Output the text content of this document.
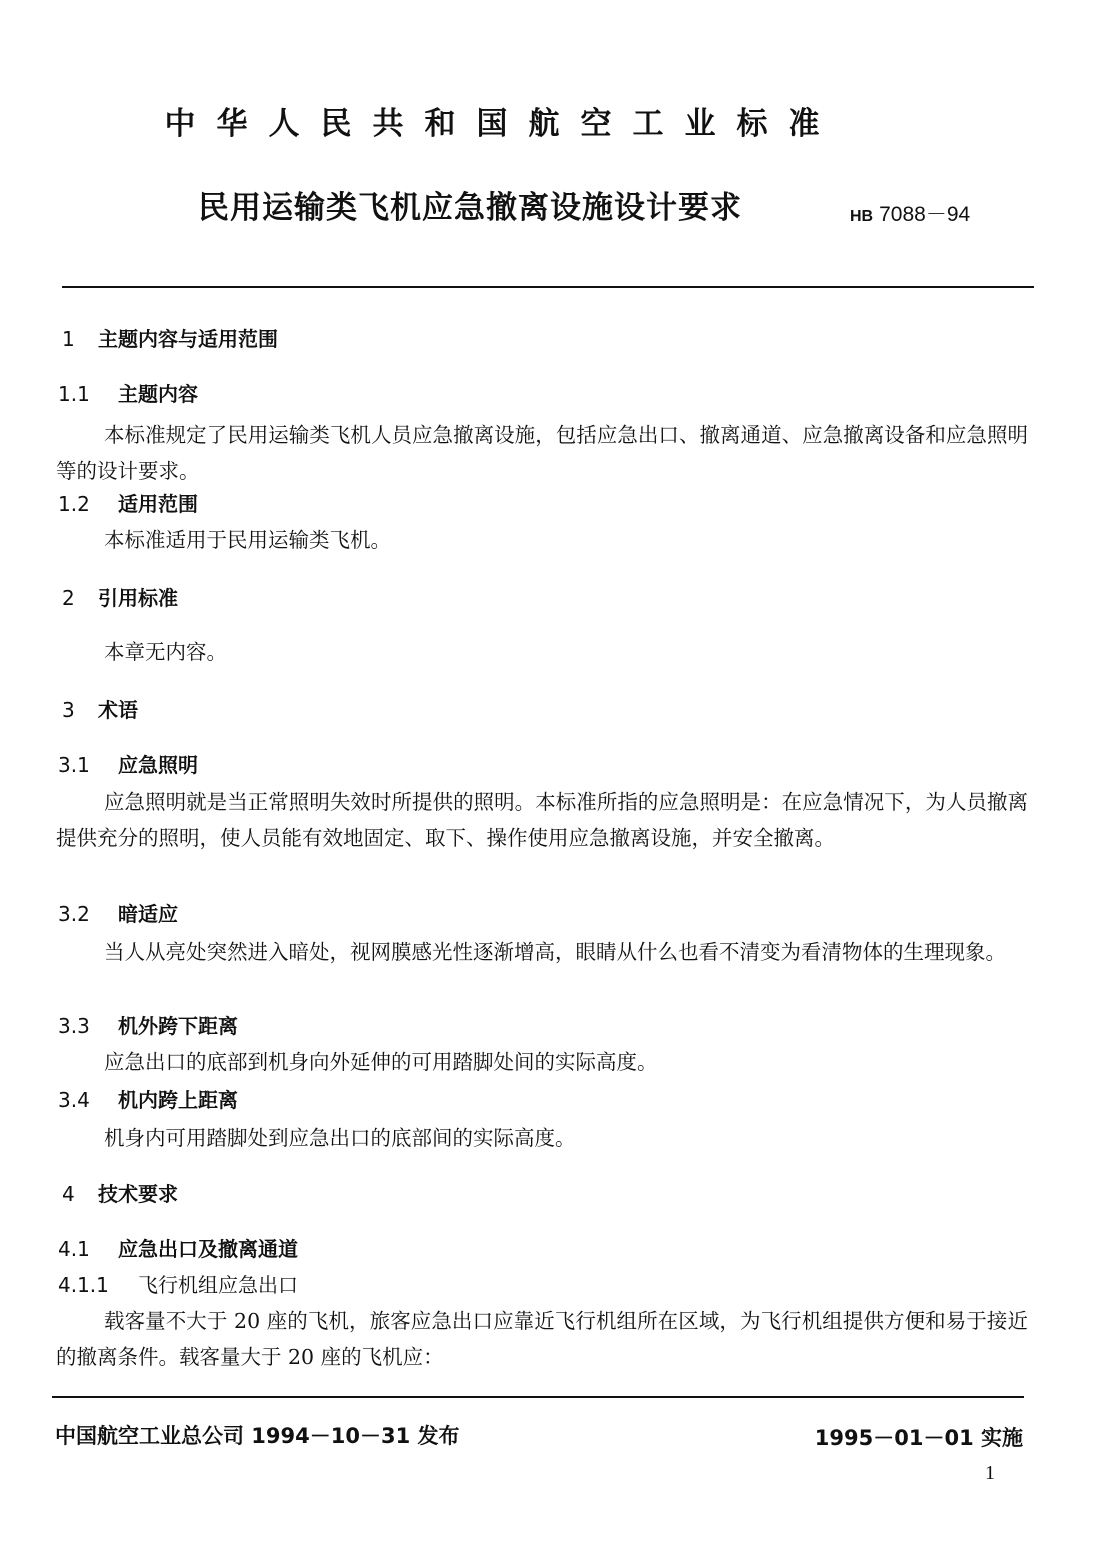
中华人民共和国航空工业标准
民用运输类飞机应急撤离设施设计要求	HB 7088－94
1 主题内容与适用范围
1.1 主题内容
本标准规定了民用运输类飞机人员应急撤离设施，包括应急出口、撤离通道、应急撤离设备和应急照明等的设计要求。
1.2 适用范围
本标准适用于民用运输类飞机。
2 引用标准
本章无内容。
3 术语
3.1 应急照明
应急照明就是当正常照明失效时所提供的照明。本标准所指的应急照明是：在应急情况下，为人员撤离提供充分的照明，使人员能有效地固定、取下、操作使用应急撤离设施，并安全撤离。
3.2 暗适应
当人从亮处突然进入暗处，视网膜感光性逐渐增高，眼睛从什么也看不清变为看清物体的生理现象。
3.3 机外跨下距离
应急出口的底部到机身向外延伸的可用踏脚处间的实际高度。
3.4 机内跨上距离
机身内可用踏脚处到应急出口的底部间的实际高度。
4 技术要求
4.1 应急出口及撤离通道
4.1.1 飞行机组应急出口
载客量不大于 20 座的飞机，旅客应急出口应靠近飞行机组所在区域，为飞行机组提供方便和易于接近的撤离条件。载客量大于 20 座的飞机应：
中国航空工业总公司 1994－10－31 发布	1995－01－01 实施
1
